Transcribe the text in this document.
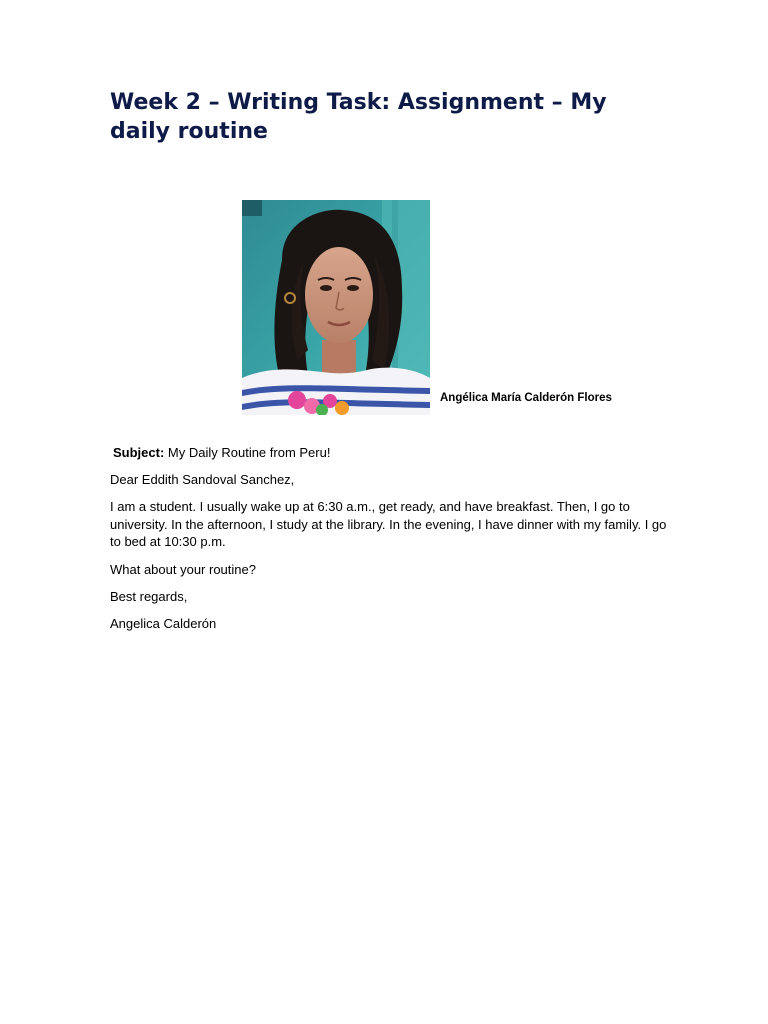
Week 2 – Writing Task: Assignment – My daily routine
Angélica María Calderón Flores

Subject: My Daily Routine from Peru!

Dear Eddith Sandoval Sanchez,

I am a student. I usually wake up at 6:30 a.m., get ready, and have breakfast. Then, I go to university. In the afternoon, I study at the library. In the evening, I have dinner with my family. I go to bed at 10:30 p.m.

What about your routine?

Best regards,

Angelica Calderón
